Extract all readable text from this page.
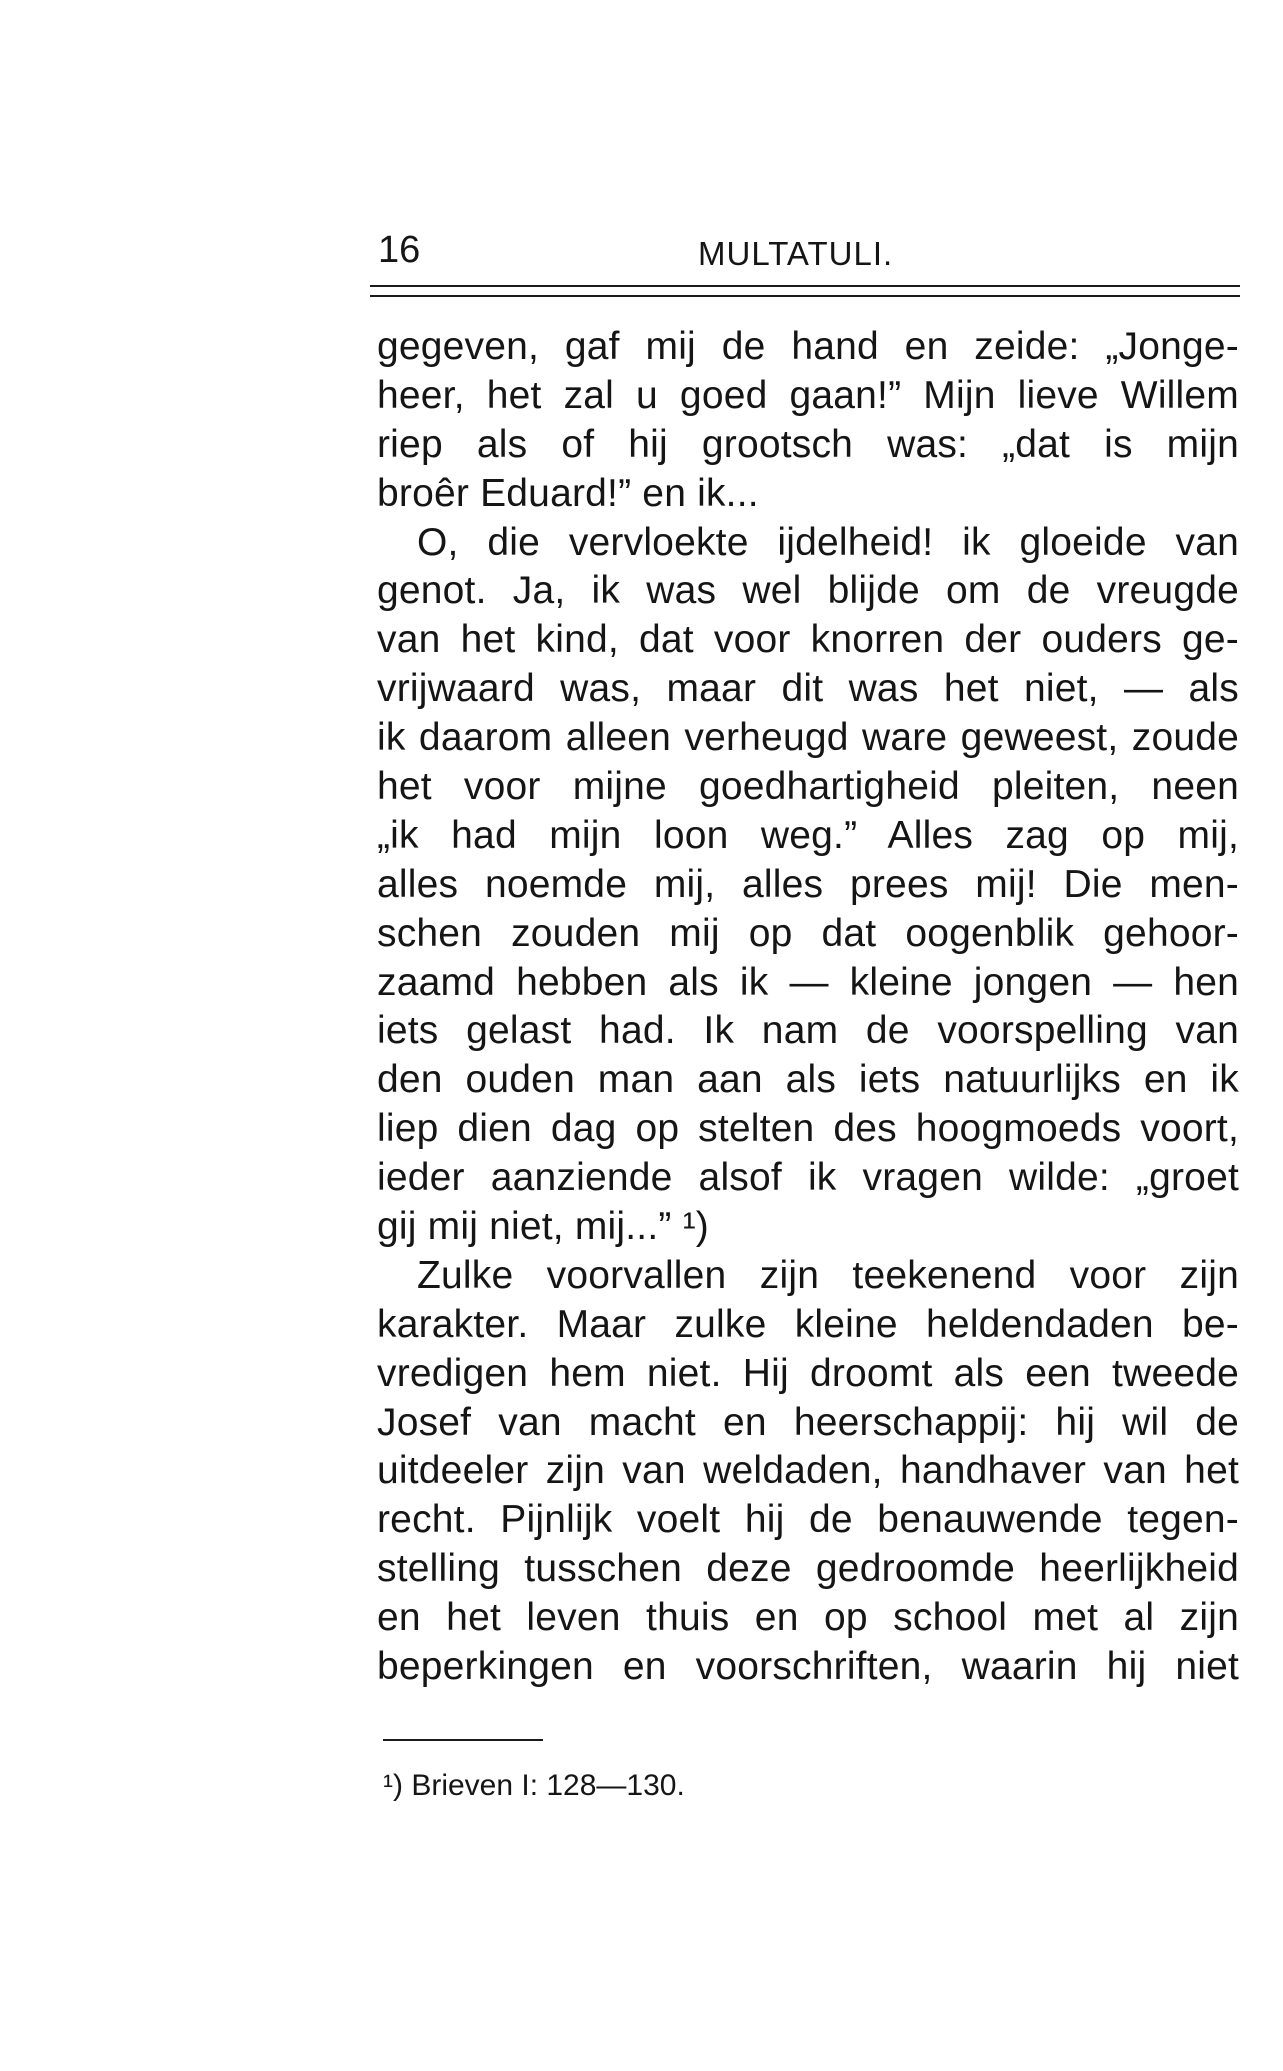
16	MULTATULI.
gegeven, gaf mij de hand en zeide: „Jonge-
heer, het zal u goed gaan!” Mijn lieve Willem
riep als of hij grootsch was: „dat is mijn
broêr Eduard!” en ik...
O, die vervloekte ijdelheid! ik gloeide van
genot. Ja, ik was wel blijde om de vreugde
van het kind, dat voor knorren der ouders ge-
vrijwaard was, maar dit was het niet, — als
ik daarom alleen verheugd ware geweest, zoude
het voor mijne goedhartigheid pleiten, neen
„ik had mijn loon weg.” Alles zag op mij,
alles noemde mij, alles prees mij! Die men-
schen zouden mij op dat oogenblik gehoor-
zaamd hebben als ik — kleine jongen — hen
iets gelast had. Ik nam de voorspelling van
den ouden man aan als iets natuurlijks en ik
liep dien dag op stelten des hoogmoeds voort,
ieder aanziende alsof ik vragen wilde: „groet
gij mij niet, mij...” ¹)
Zulke voorvallen zijn teekenend voor zijn
karakter. Maar zulke kleine heldendaden be-
vredigen hem niet. Hij droomt als een tweede
Josef van macht en heerschappij: hij wil de
uitdeeler zijn van weldaden, handhaver van het
recht. Pijnlijk voelt hij de benauwende tegen-
stelling tusschen deze gedroomde heerlijkheid
en het leven thuis en op school met al zijn
beperkingen en voorschriften, waarin hij niet
¹) Brieven I: 128—130.
